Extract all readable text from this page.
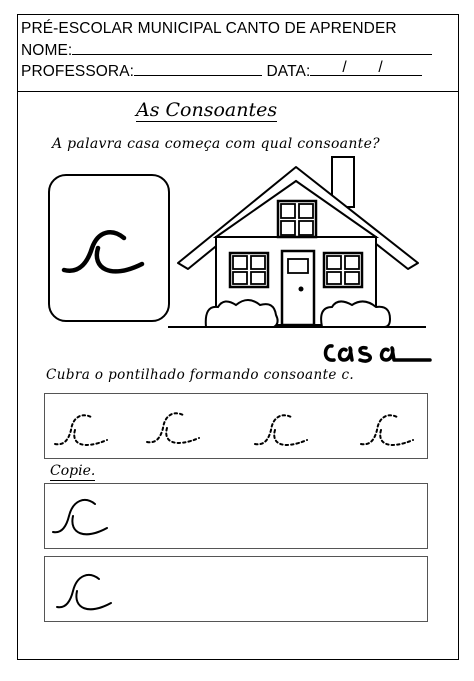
PRÉ-ESCOLAR MUNICIPAL CANTO DE APRENDER
NOME:
PROFESSORA:	DATA: / /
As Consoantes
A palavra casa começa com qual consoante?
Cubra o pontilhado formando consoante c.
Copie.
